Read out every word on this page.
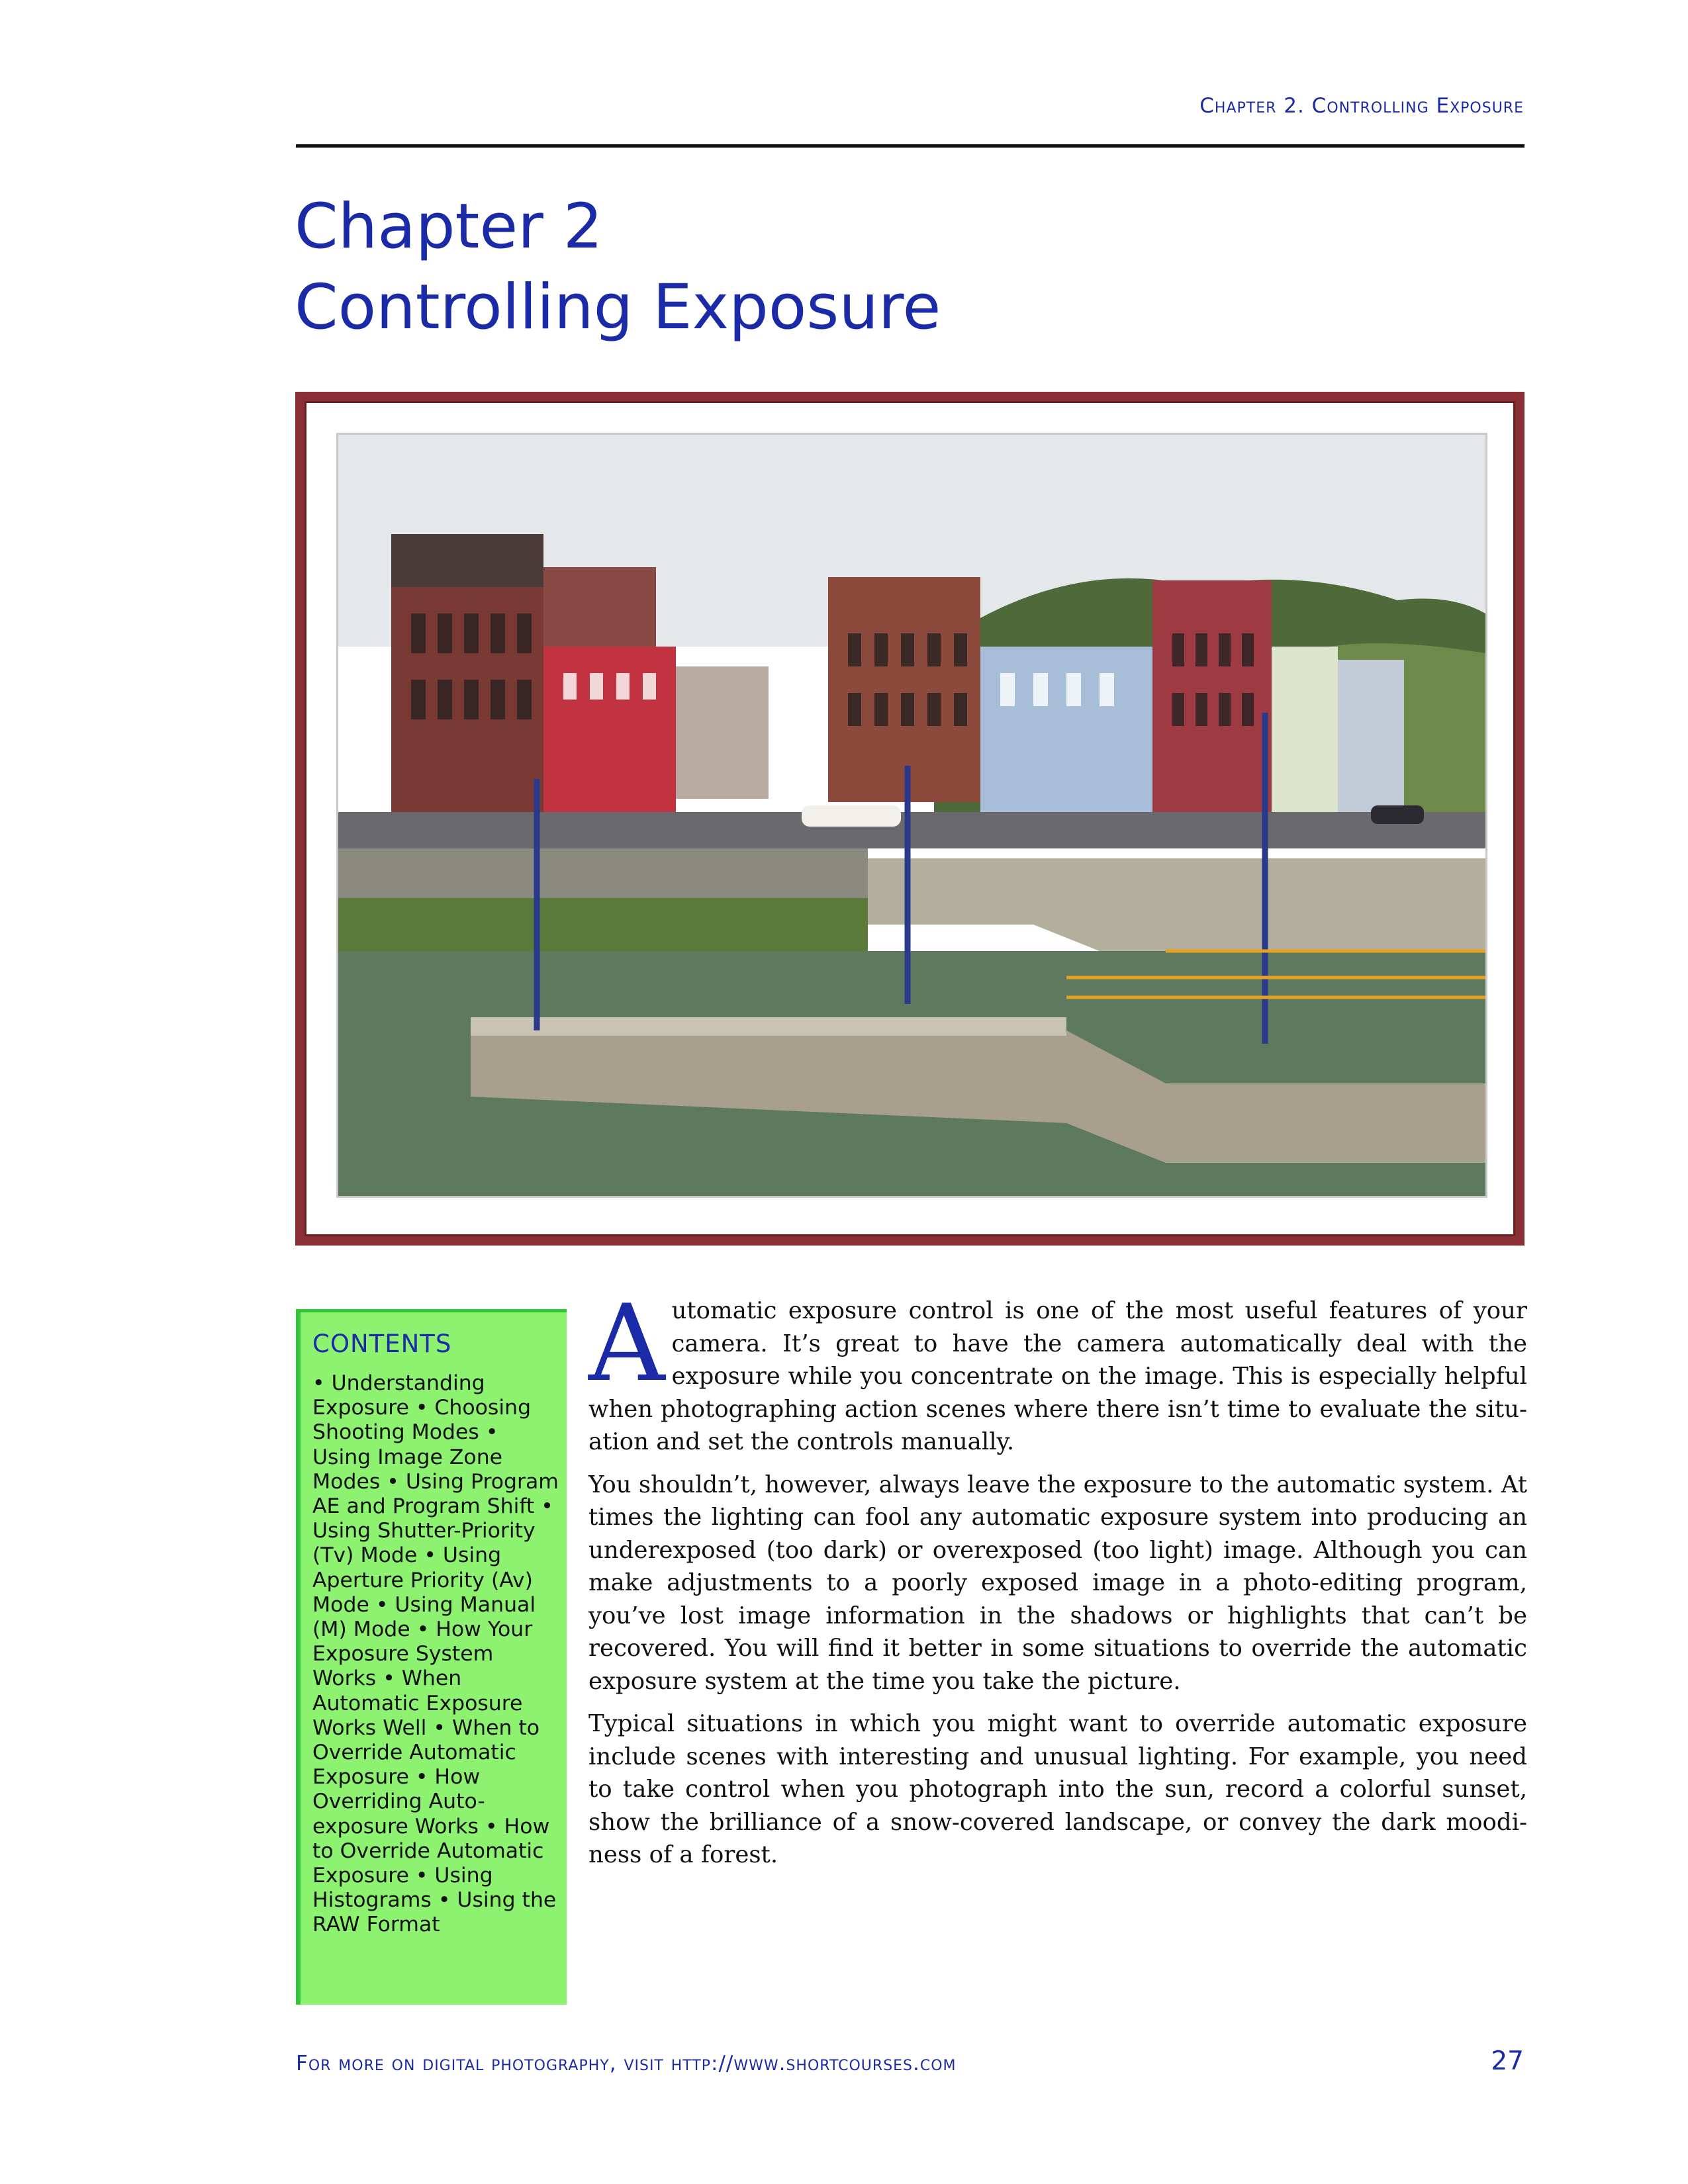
Chapter 2. Controlling Exposure
Chapter 2
Controlling Exposure
CONTENTS
• Understanding Exposure • Choosing Shooting Modes • Using Image Zone Modes • Using Program AE and Program Shift • Using Shutter-Priority (Tv) Mode • Using Aperture Priority (Av) Mode • Using Manual (M) Mode • How Your Exposure System Works • When Automatic Exposure Works Well • When to Override Automatic Exposure • How Overriding Auto-exposure Works • How to Override Automatic Exposure • Using Histograms • Using the RAW Format

Automatic exposure control is one of the most useful features of your camera. It’s great to have the camera automatically deal with the exposure while you concentrate on the image. This is especially helpful when photographing action scenes where there isn’t time to evaluate the situation and set the controls manually.

You shouldn’t, however, always leave the exposure to the automatic system. At times the lighting can fool any automatic exposure system into producing an underexposed (too dark) or overexposed (too light) image. Although you can make adjustments to a poorly exposed image in a photo-editing program, you’ve lost image information in the shadows or highlights that can’t be recovered. You will find it better in some situations to override the automatic exposure system at the time you take the picture.

Typical situations in which you might want to override automatic exposure include scenes with interesting and unusual lighting. For example, you need to take control when you photograph into the sun, record a colorful sunset, show the brilliance of a snow-covered landscape, or convey the dark moodiness of a forest.

For more on digital photography, visit http://www.shortcourses.com	27
